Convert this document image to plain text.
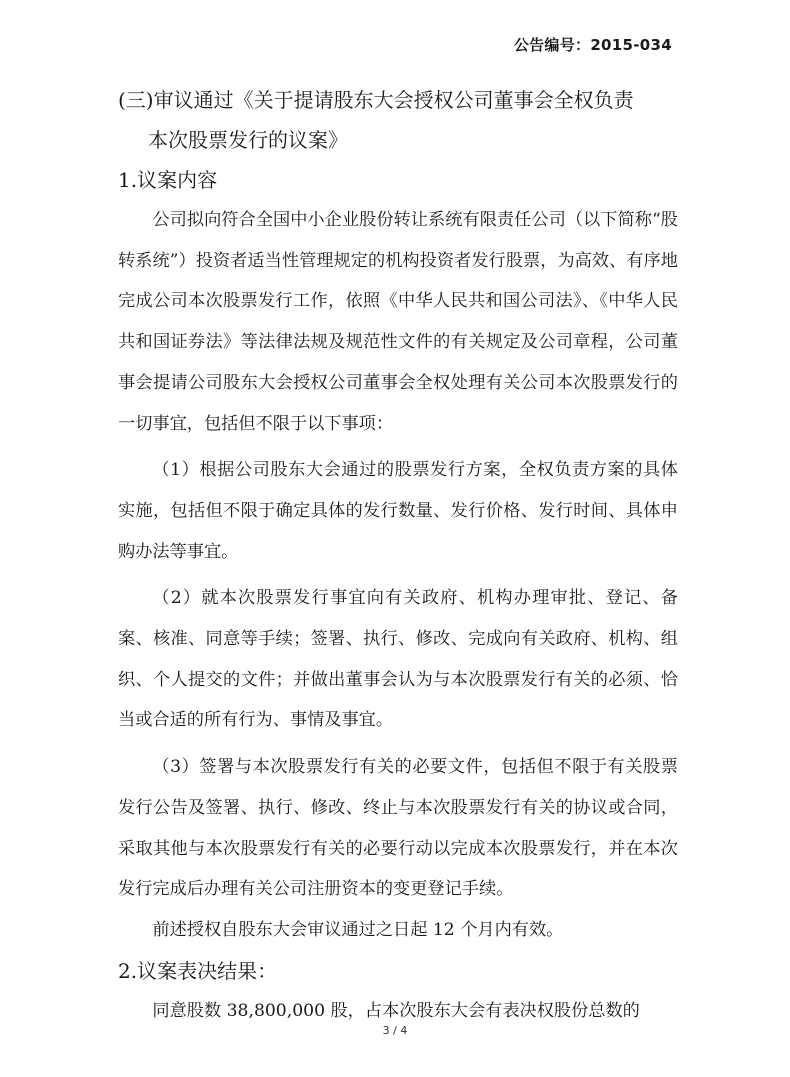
公告编号：2015-034

(三)审议通过《关于提请股东大会授权公司董事会全权负责
本次股票发行的议案》

1.议案内容

公司拟向符合全国中小企业股份转让系统有限责任公司（以下简称“股转系统”）投资者适当性管理规定的机构投资者发行股票，为高效、有序地完成公司本次股票发行工作，依照《中华人民共和国公司法》、《中华人民共和国证券法》等法律法规及规范性文件的有关规定及公司章程，公司董事会提请公司股东大会授权公司董事会全权处理有关公司本次股票发行的一切事宜，包括但不限于以下事项：

（1）根据公司股东大会通过的股票发行方案，全权负责方案的具体实施，包括但不限于确定具体的发行数量、发行价格、发行时间、具体申购办法等事宜。

（2）就本次股票发行事宜向有关政府、机构办理审批、登记、备案、核准、同意等手续；签署、执行、修改、完成向有关政府、机构、组织、个人提交的文件；并做出董事会认为与本次股票发行有关的必须、恰当或合适的所有行为、事情及事宜。

（3）签署与本次股票发行有关的必要文件，包括但不限于有关股票发行公告及签署、执行、修改、终止与本次股票发行有关的协议或合同，采取其他与本次股票发行有关的必要行动以完成本次股票发行，并在本次发行完成后办理有关公司注册资本的变更登记手续。

前述授权自股东大会审议通过之日起 12 个月内有效。

2.议案表决结果：

同意股数 38,800,000 股，占本次股东大会有表决权股份总数的

3 / 4
